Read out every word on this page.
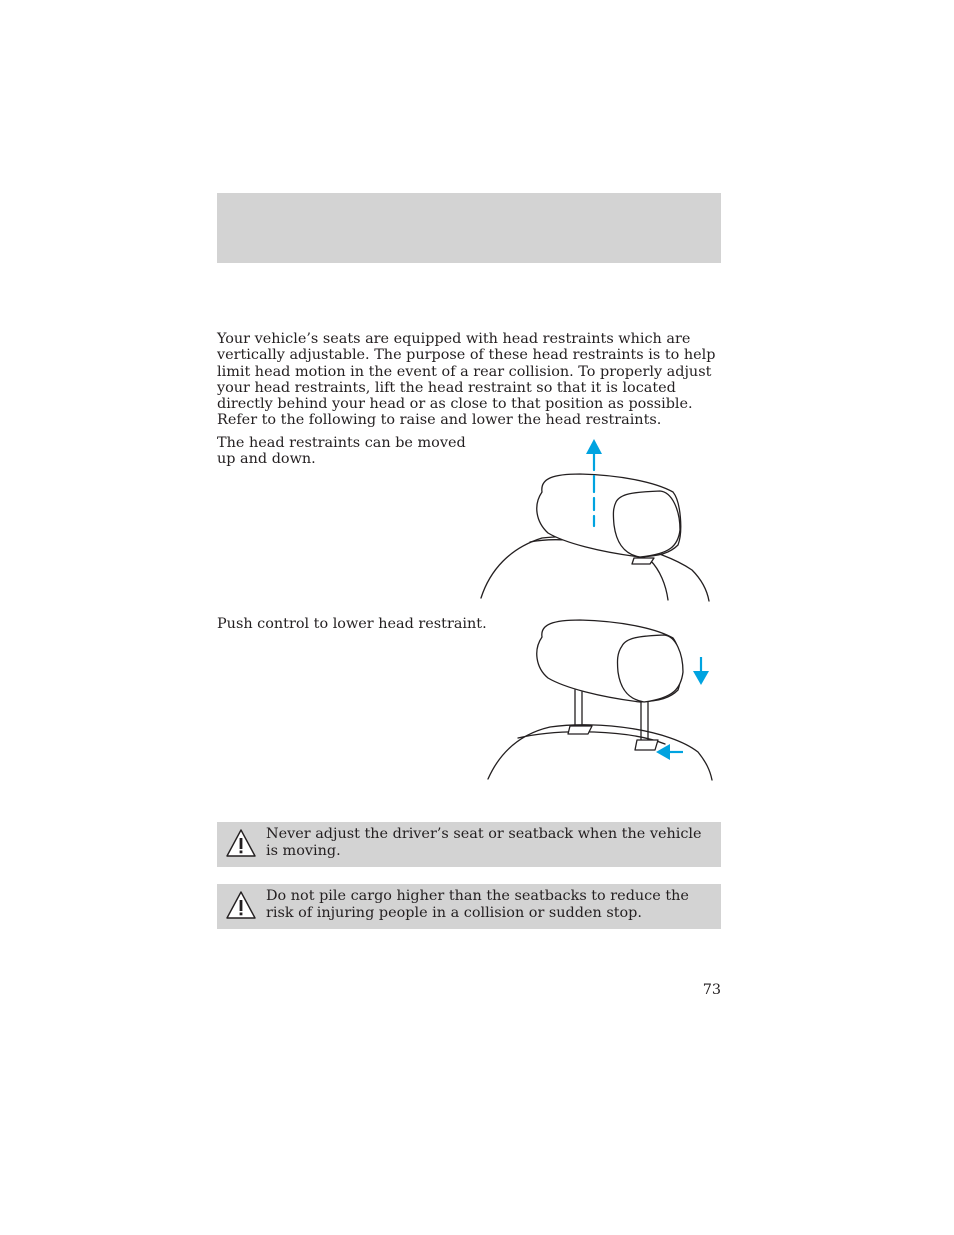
Your vehicle’s seats are equipped with head restraints which are vertically adjustable. The purpose of these head restraints is to help limit head motion in the event of a rear collision. To properly adjust your head restraints, lift the head restraint so that it is located directly behind your head or as close to that position as possible. Refer to the following to raise and lower the head restraints.

The head restraints can be moved up and down.

Push control to lower head restraint.

Never adjust the driver’s seat or seatback when the vehicle is moving.

Do not pile cargo higher than the seatbacks to reduce the risk of injuring people in a collision or sudden stop.

73
